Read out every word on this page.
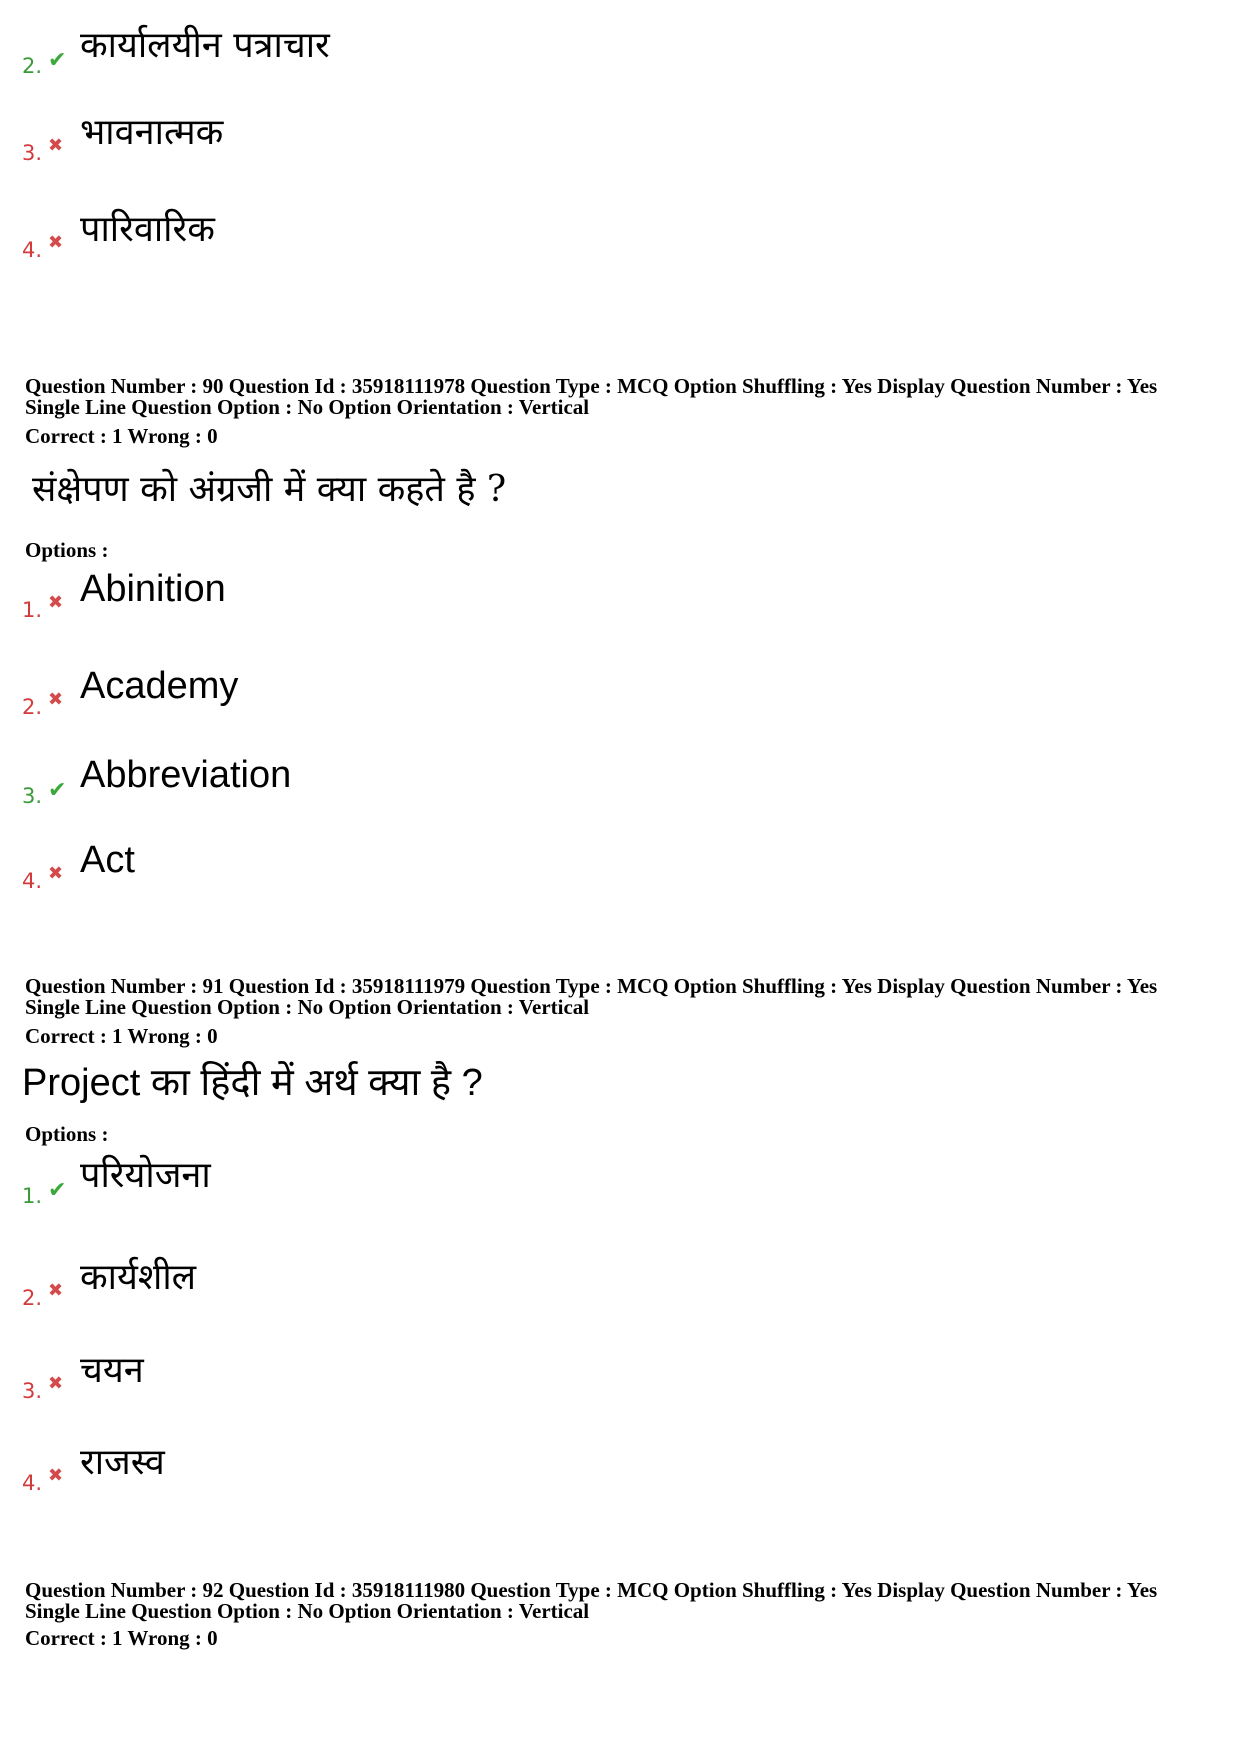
2. ✔ कार्यालयीन पत्राचार
3. ✖ भावनात्मक
4. ✖ पारिवारिक
Question Number : 90 Question Id : 35918111978 Question Type : MCQ Option Shuffling : Yes Display Question Number : Yes
Single Line Question Option : No Option Orientation : Vertical
Correct : 1 Wrong : 0
संक्षेपण को अंग्रजी में क्या कहते है ?
Options :
1. ✖ Abinition
2. ✖ Academy
3. ✔ Abbreviation
4. ✖ Act
Question Number : 91 Question Id : 35918111979 Question Type : MCQ Option Shuffling : Yes Display Question Number : Yes
Single Line Question Option : No Option Orientation : Vertical
Correct : 1 Wrong : 0
Project का हिंदी में अर्थ क्या है ?
Options :
1. ✔ परियोजना
2. ✖ कार्यशील
3. ✖ चयन
4. ✖ राजस्व
Question Number : 92 Question Id : 35918111980 Question Type : MCQ Option Shuffling : Yes Display Question Number : Yes
Single Line Question Option : No Option Orientation : Vertical
Correct : 1 Wrong : 0
